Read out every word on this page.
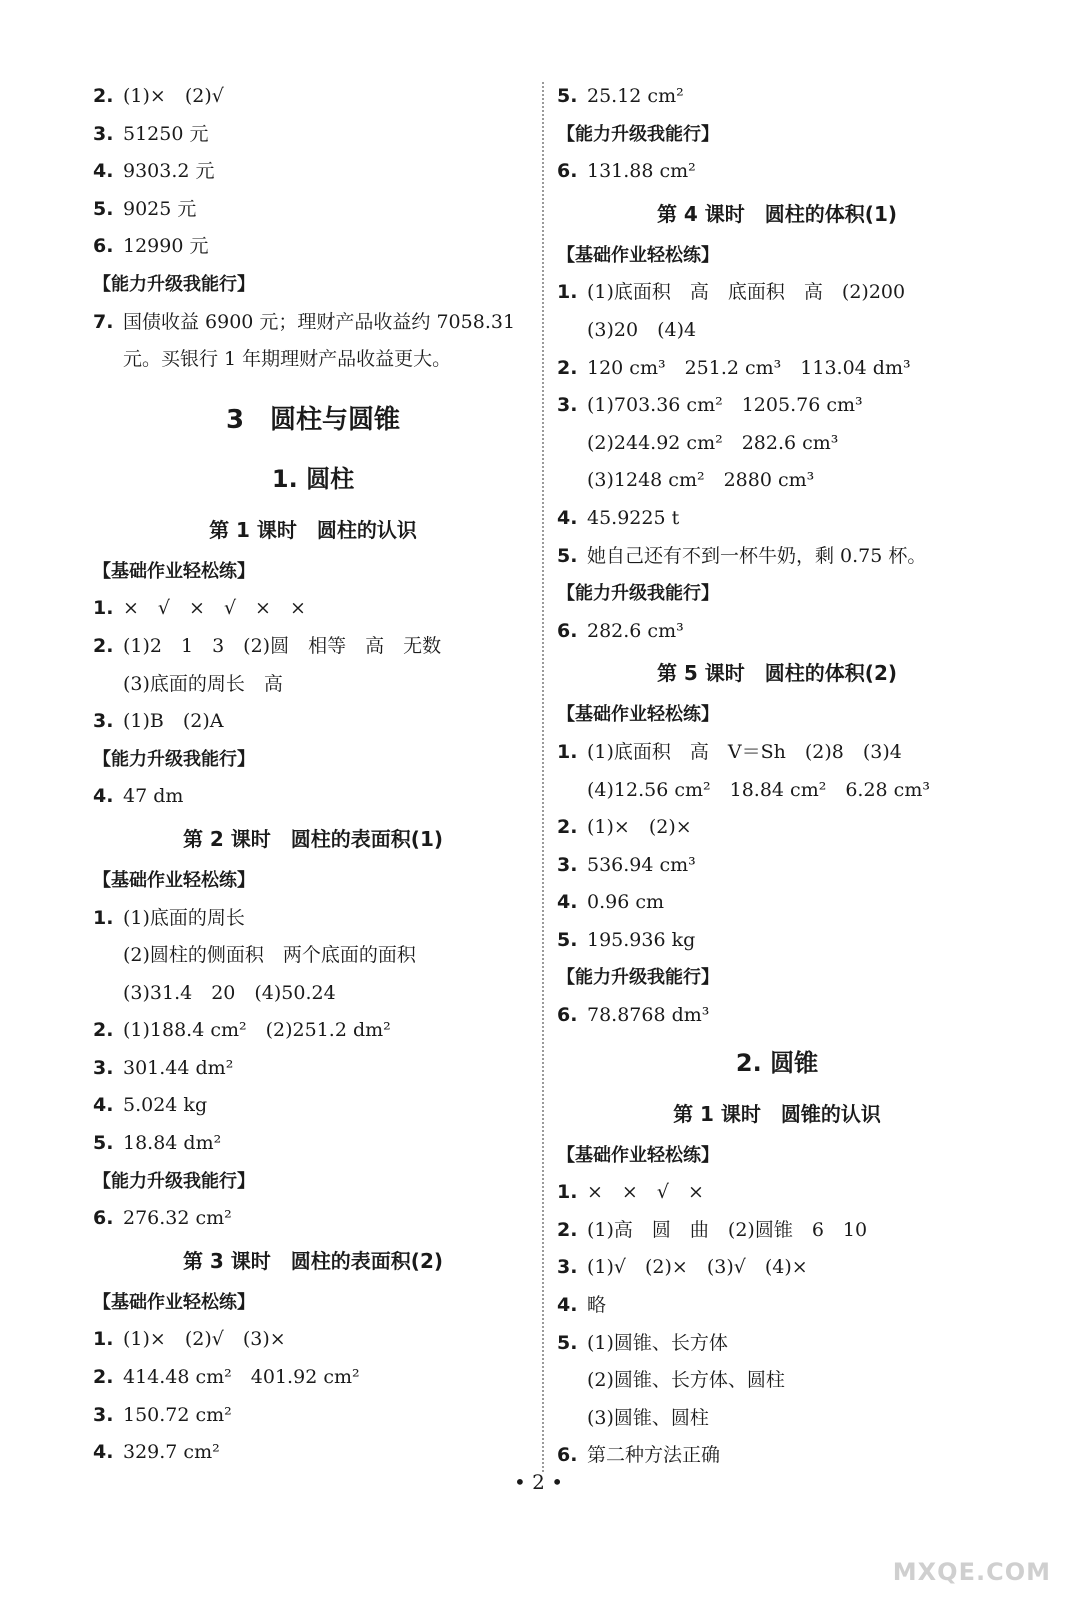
2. (1)×　(2)√
3. 51250 元
4. 9303.2 元
5. 9025 元
6. 12990 元
【能力升级我能行】
7. 国债收益 6900 元；理财产品收益约 7058.31
元。买银行 1 年期理财产品收益更大。
3　圆柱与圆锥
1. 圆柱
第 1 课时　圆柱的认识
【基础作业轻松练】
1. ×　√　×　√　×　×
2. (1)2　1　3　(2)圆　相等　高　无数
(3)底面的周长　高
3. (1)B　(2)A
【能力升级我能行】
4. 47 dm
第 2 课时　圆柱的表面积(1)
【基础作业轻松练】
1. (1)底面的周长
(2)圆柱的侧面积　两个底面的面积
(3)31.4　20　(4)50.24
2. (1)188.4 cm²　(2)251.2 dm²
3. 301.44 dm²
4. 5.024 kg
5. 18.84 dm²
【能力升级我能行】
6. 276.32 cm²
第 3 课时　圆柱的表面积(2)
【基础作业轻松练】
1. (1)×　(2)√　(3)×
2. 414.48 cm²　401.92 cm²
3. 150.72 cm²
4. 329.7 cm²
5. 25.12 cm²
【能力升级我能行】
6. 131.88 cm²
第 4 课时　圆柱的体积(1)
【基础作业轻松练】
1. (1)底面积　高　底面积　高　(2)200
(3)20　(4)4
2. 120 cm³　251.2 cm³　113.04 dm³
3. (1)703.36 cm²　1205.76 cm³
(2)244.92 cm²　282.6 cm³
(3)1248 cm²　2880 cm³
4. 45.9225 t
5. 她自己还有不到一杯牛奶，剩 0.75 杯。
【能力升级我能行】
6. 282.6 cm³
第 5 课时　圆柱的体积(2)
【基础作业轻松练】
1. (1)底面积　高　V＝Sh　(2)8　(3)4
(4)12.56 cm²　18.84 cm²　6.28 cm³
2. (1)×　(2)×
3. 536.94 cm³
4. 0.96 cm
5. 195.936 kg
【能力升级我能行】
6. 78.8768 dm³
2. 圆锥
第 1 课时　圆锥的认识
【基础作业轻松练】
1. ×　×　√　×
2. (1)高　圆　曲　(2)圆锥　6　10
3. (1)√　(2)×　(3)√　(4)×
4. 略
5. (1)圆锥、长方体
(2)圆锥、长方体、圆柱
(3)圆锥、圆柱
6. 第二种方法正确
• 2 •
MXQE.COM
